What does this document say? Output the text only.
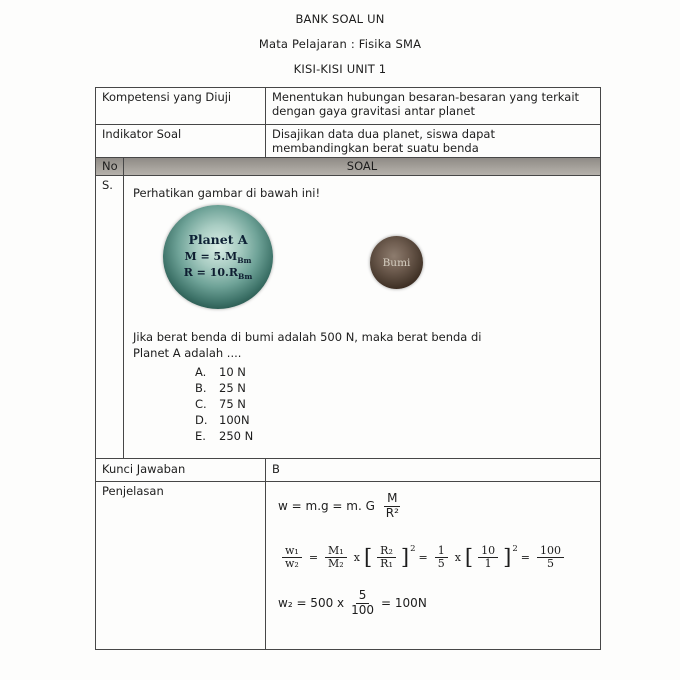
BANK SOAL UN
Mata Pelajaran : Fisika SMA
KISI-KISI UNIT 1
Kompetensi yang Diuji	Menentukan hubungan besaran-besaran yang terkait dengan gaya gravitasi antar planet
Indikator Soal	Disajikan data dua planet, siswa dapat membandingkan berat suatu benda
No	SOAL
S.
Perhatikan gambar di bawah ini!
Planet A
$M = 5.M_{Bm}$
$R = 10.R_{Bm}$
Bumi
Jika berat benda di bumi adalah 500 N, maka berat benda di
Planet A adalah ....
A.	10 N
B.	25 N
C.	75 N
D. 100N
E.	250 N
Kunci Jawaban	B
Penjelasan
w = m.g = m. G $\frac{M}{\text{R²}}$
$\frac{\text{w₁}}{\text{w₂}} = \frac{\text{M₁}}{\text{M₂}}$ x [ $\frac{\text{R₂}}{\text{R₁}}$ ] 2
= $\frac{1}{5}$ x [ $\frac{10}{1}$ ] 2
= $\frac{100}{5}$
w₂ = 500 x $\frac{5}{100} = 100N$
